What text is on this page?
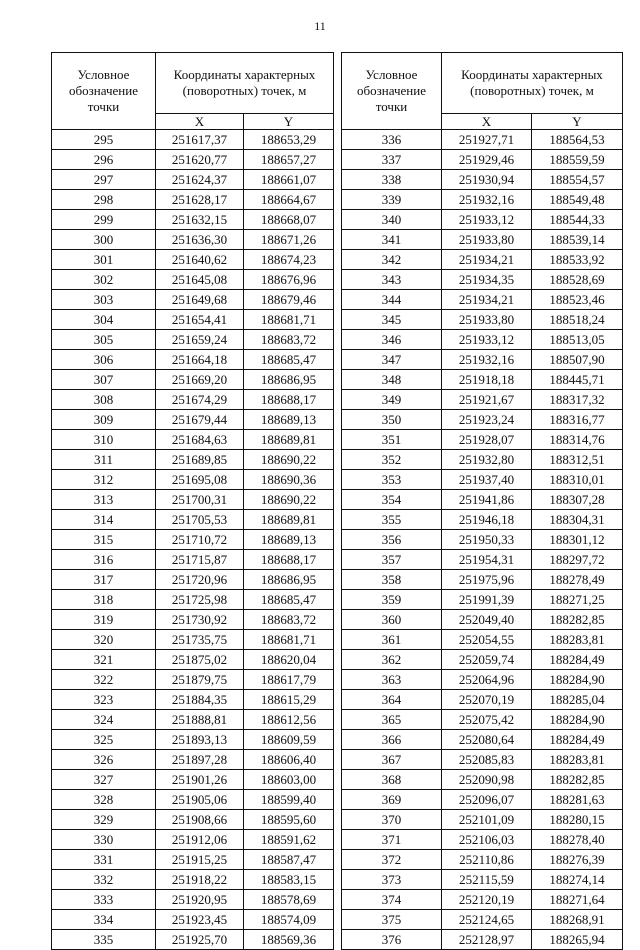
11
Условное обозначение точки	Координаты характерных (поворотных) точек, м	
	X	Y
295	251617,37	188653,29
296	251620,77	188657,27
297	251624,37	188661,07
298	251628,17	188664,67
299	251632,15	188668,07
300	251636,30	188671,26
301	251640,62	188674,23
302	251645,08	188676,96
303	251649,68	188679,46
304	251654,41	188681,71
305	251659,24	188683,72
306	251664,18	188685,47
307	251669,20	188686,95
308	251674,29	188688,17
309	251679,44	188689,13
310	251684,63	188689,81
311	251689,85	188690,22
312	251695,08	188690,36
313	251700,31	188690,22
314	251705,53	188689,81
315	251710,72	188689,13
316	251715,87	188688,17
317	251720,96	188686,95
318	251725,98	188685,47
319	251730,92	188683,72
320	251735,75	188681,71
321	251875,02	188620,04
322	251879,75	188617,79
323	251884,35	188615,29
324	251888,81	188612,56
325	251893,13	188609,59
326	251897,28	188606,40
327	251901,26	188603,00
328	251905,06	188599,40
329	251908,66	188595,60
330	251912,06	188591,62
331	251915,25	188587,47
332	251918,22	188583,15
333	251920,95	188578,69
334	251923,45	188574,09
335	251925,70	188569,36
Условное обозначение точки	Координаты характерных (поворотных) точек, м	
	X	Y
336	251927,71	188564,53
337	251929,46	188559,59
338	251930,94	188554,57
339	251932,16	188549,48
340	251933,12	188544,33
341	251933,80	188539,14
342	251934,21	188533,92
343	251934,35	188528,69
344	251934,21	188523,46
345	251933,80	188518,24
346	251933,12	188513,05
347	251932,16	188507,90
348	251918,18	188445,71
349	251921,67	188317,32
350	251923,24	188316,77
351	251928,07	188314,76
352	251932,80	188312,51
353	251937,40	188310,01
354	251941,86	188307,28
355	251946,18	188304,31
356	251950,33	188301,12
357	251954,31	188297,72
358	251975,96	188278,49
359	251991,39	188271,25
360	252049,40	188282,85
361	252054,55	188283,81
362	252059,74	188284,49
363	252064,96	188284,90
364	252070,19	188285,04
365	252075,42	188284,90
366	252080,64	188284,49
367	252085,83	188283,81
368	252090,98	188282,85
369	252096,07	188281,63
370	252101,09	188280,15
371	252106,03	188278,40
372	252110,86	188276,39
373	252115,59	188274,14
374	252120,19	188271,64
375	252124,65	188268,91
376	252128,97	188265,94
